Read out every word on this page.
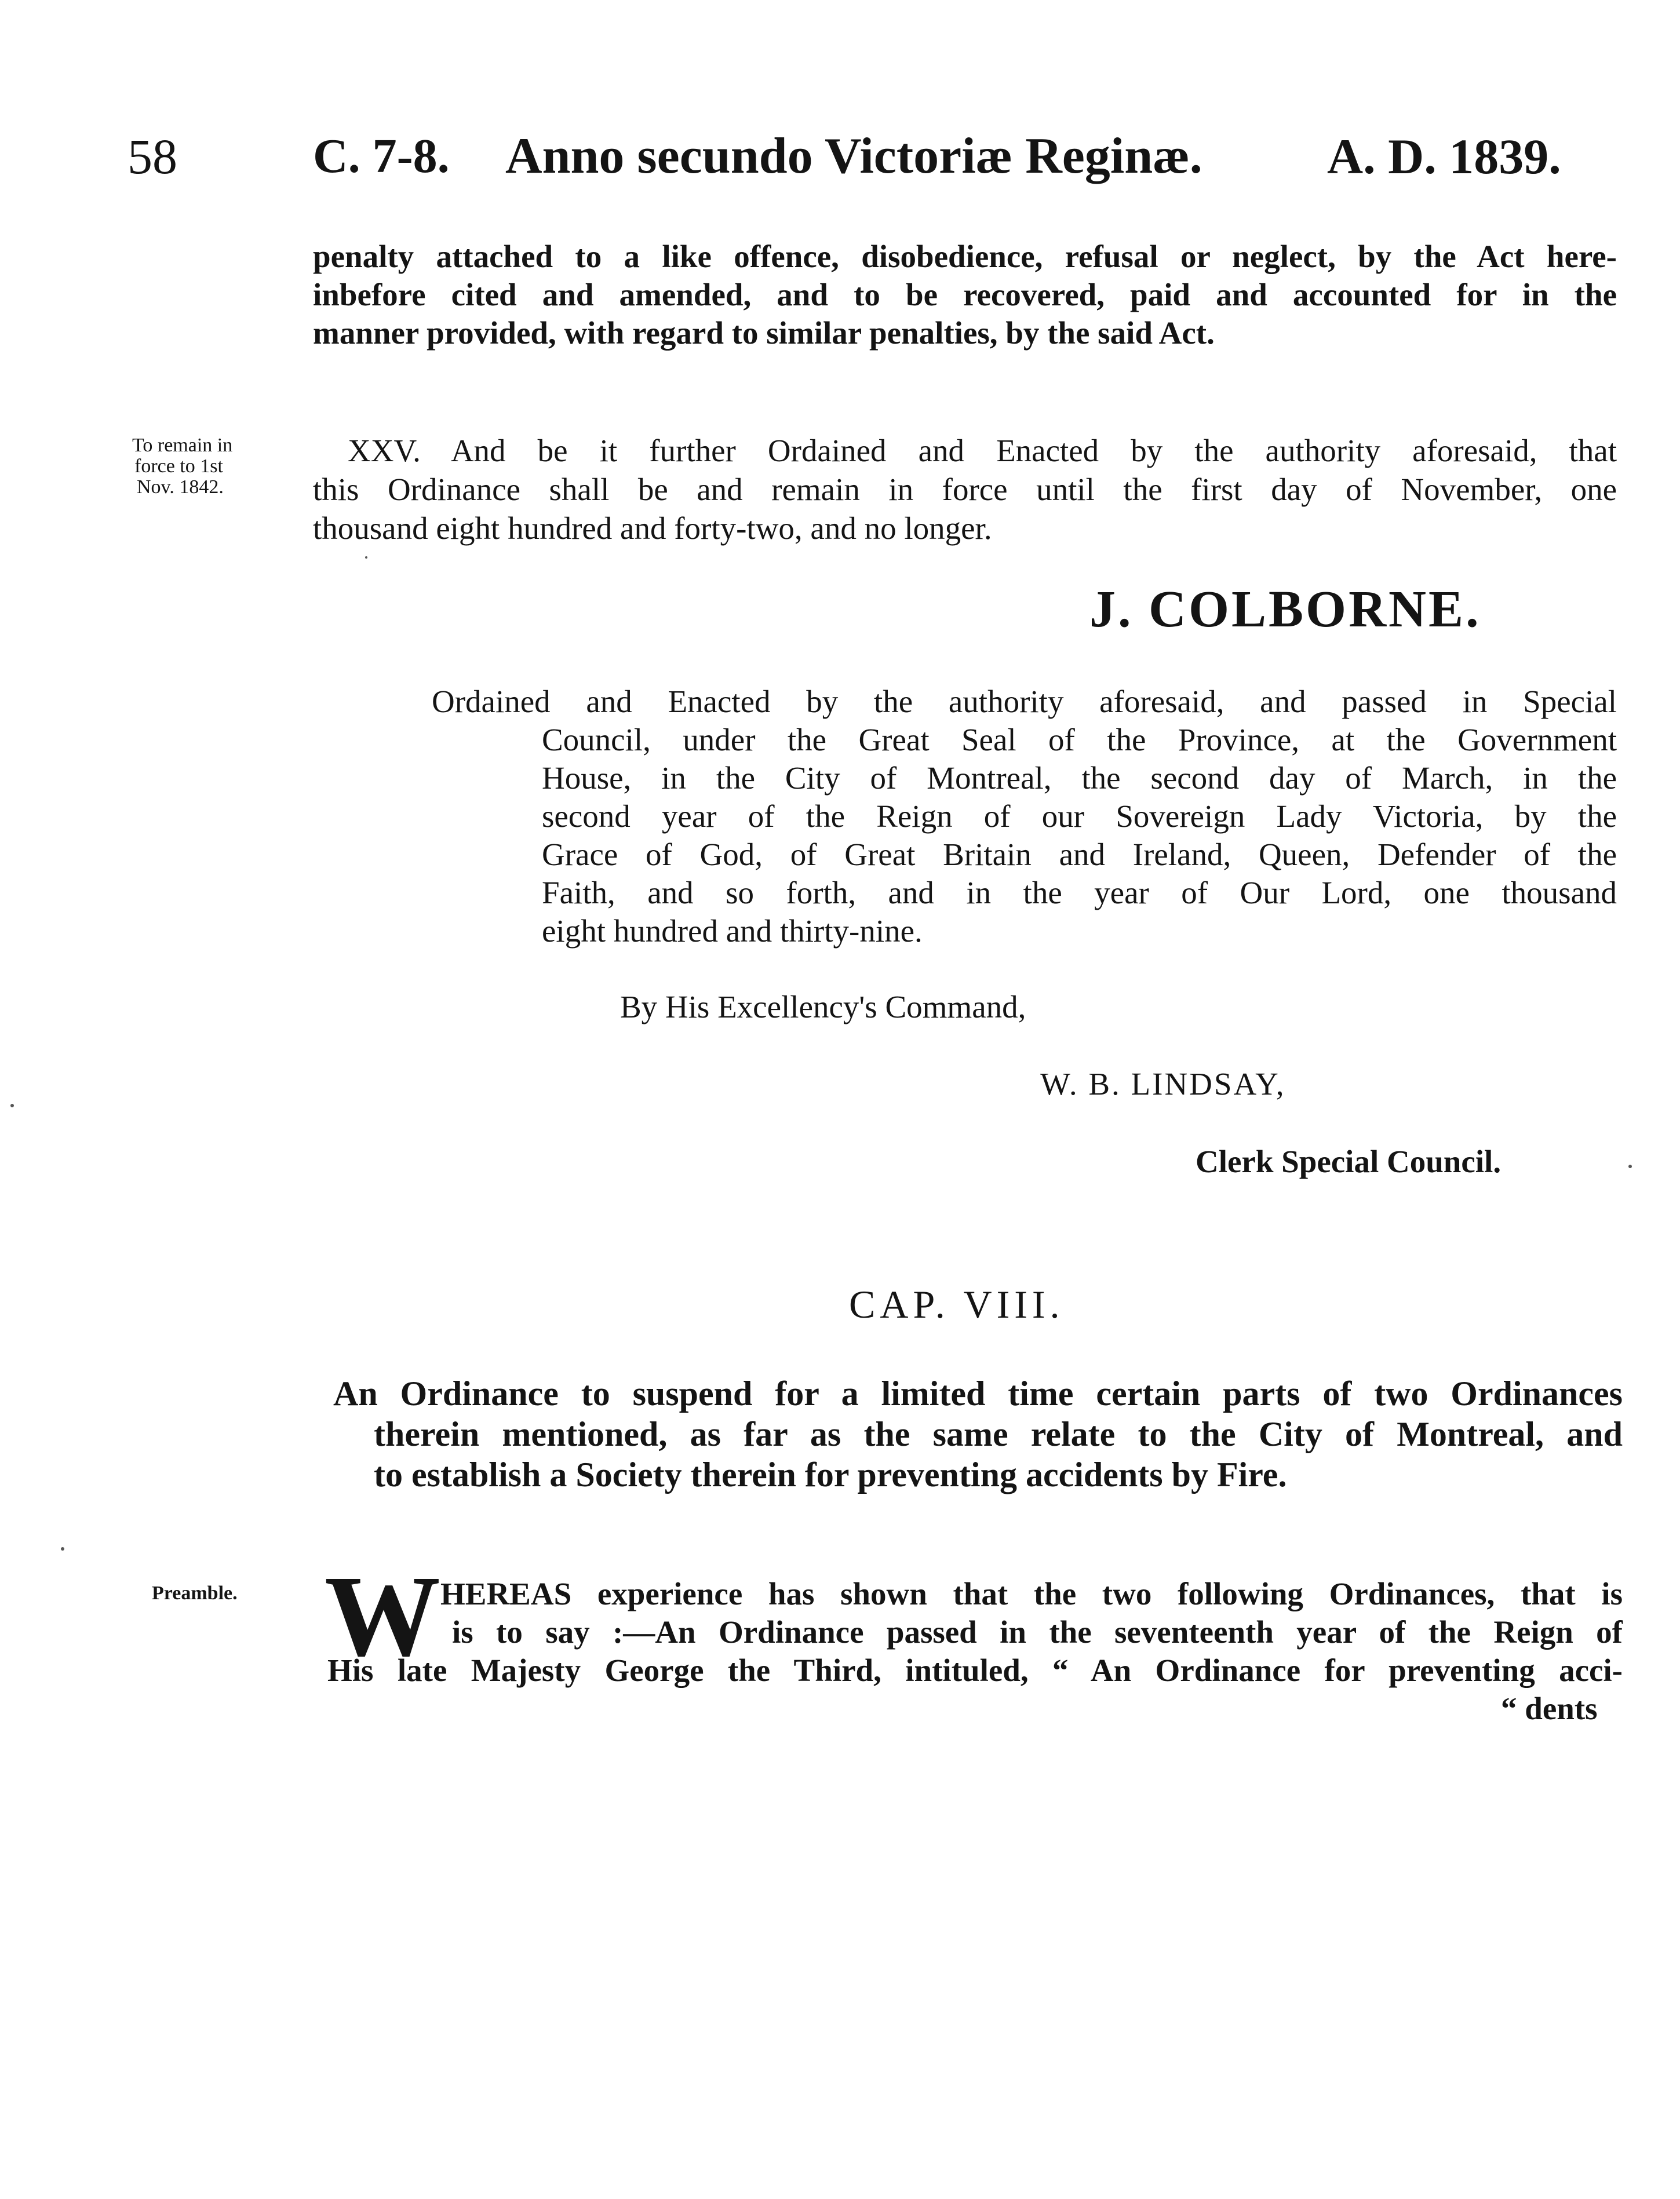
58	C. 7-8. Anno secundo Victoriæ Reginæ.	A. D. 1839.
penalty attached to a like offence, disobedience, refusal or neglect, by the Act here-
inbefore cited and amended, and to be recovered, paid and accounted for in the
manner provided, with regard to similar penalties, by the said Act.
To remain in
force to 1st
Nov. 1842.
XXV. And be it further Ordained and Enacted by the authority aforesaid, that
this Ordinance shall be and remain in force until the first day of November, one
thousand eight hundred and forty-two, and no longer.
J. COLBORNE.
Ordained and Enacted by the authority aforesaid, and passed in Special
Council, under the Great Seal of the Province, at the Government
House, in the City of Montreal, the second day of March, in the
second year of the Reign of our Sovereign Lady Victoria, by the
Grace of God, of Great Britain and Ireland, Queen, Defender of the
Faith, and so forth, and in the year of Our Lord, one thousand
eight hundred and thirty-nine.
By His Excellency's Command,
W. B. LINDSAY,
Clerk Special Council.
CAP. VIII.
An Ordinance to suspend for a limited time certain parts of two Ordinances
therein mentioned, as far as the same relate to the City of Montreal, and
to establish a Society therein for preventing accidents by Fire.
Preamble. W HEREAS experience has shown that the two following Ordinances, that is
is to say :—An Ordinance passed in the seventeenth year of the Reign of
His late Majesty George the Third, intituled, “ An Ordinance for preventing acci-
“ dents
